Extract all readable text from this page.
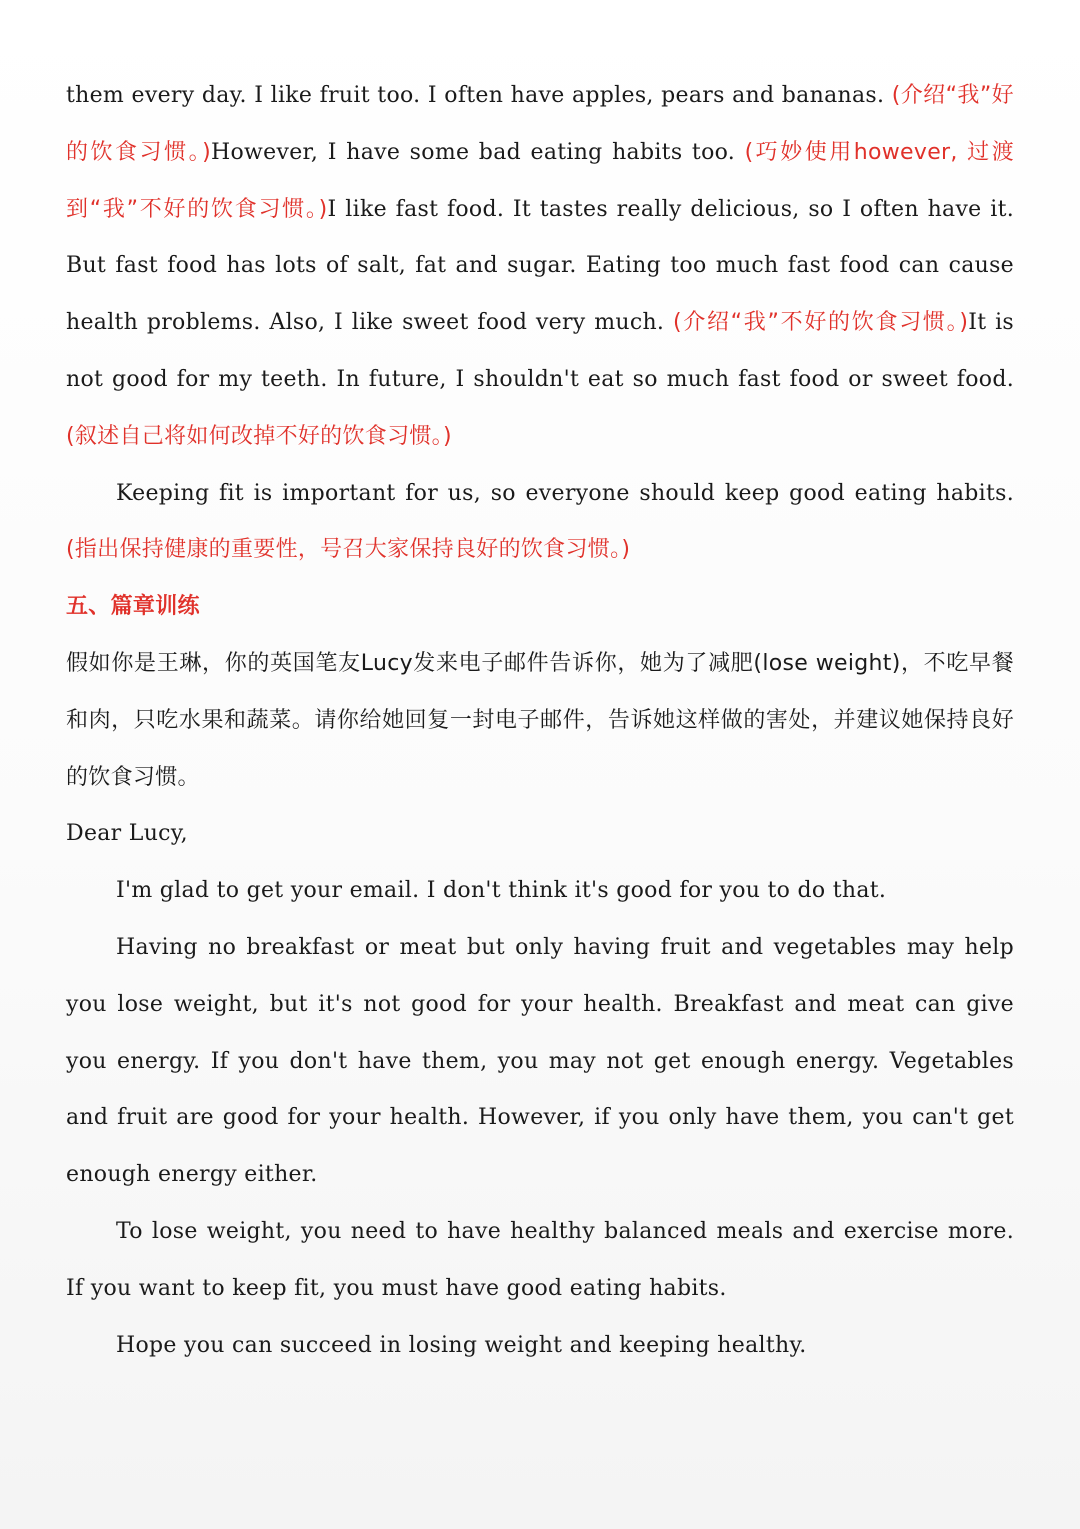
them every day. I like fruit too. I often have apples, pears and bananas. (介绍“我”好的饮食习惯。)However, I have some bad eating habits too. (巧妙使用however, 过渡到“我”不好的饮食习惯。)I like fast food. It tastes really delicious, so I often have it. But fast food has lots of salt, fat and sugar. Eating too much fast food can cause health problems. Also, I like sweet food very much. (介绍“我”不好的饮食习惯。)It is not good for my teeth. In future, I shouldn't eat so much fast food or sweet food. (叙述自己将如何改掉不好的饮食习惯。)

Keeping fit is important for us, so everyone should keep good eating habits. (指出保持健康的重要性，号召大家保持良好的饮食习惯。)

五、篇章训练

假如你是王琳，你的英国笔友Lucy发来电子邮件告诉你，她为了减肥(lose weight)，不吃早餐和肉，只吃水果和蔬菜。请你给她回复一封电子邮件，告诉她这样做的害处，并建议她保持良好的饮食习惯。

Dear Lucy,

I'm glad to get your email. I don't think it's good for you to do that.

Having no breakfast or meat but only having fruit and vegetables may help you lose weight, but it's not good for your health. Breakfast and meat can give you energy. If you don't have them, you may not get enough energy. Vegetables and fruit are good for your health. However, if you only have them, you can't get enough energy either.

To lose weight, you need to have healthy balanced meals and exercise more. If you want to keep fit, you must have good eating habits.

Hope you can succeed in losing weight and keeping healthy.
